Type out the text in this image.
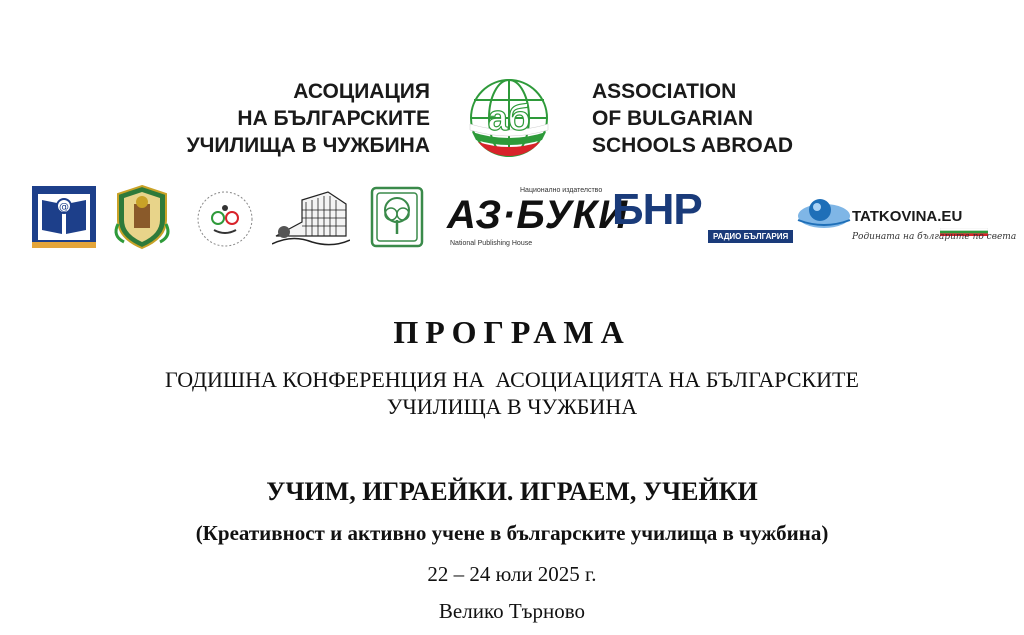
АСОЦИАЦИЯ
НА БЪЛГАРСКИТЕ
УЧИЛИЩА В ЧУЖБИНА
аб
ASSOCIATION
OF BULGARIAN
SCHOOLS ABROAD
@
Национално издателство
АЗ·БУКИ
National Publishing House
БНР
РАДИО БЪЛГАРИЯ
TATKOVINA.EU
Родината на българите по света
ПРОГРАМА
ГОДИШНА КОНФЕРЕНЦИЯ НА  АСОЦИАЦИЯТА НА БЪЛГАРСКИТЕ
УЧИЛИЩА В ЧУЖБИНА
УЧИМ, ИГРАЕЙКИ. ИГРАЕМ, УЧЕЙКИ
(Креативност и активно учене в българските училища в чужбина)
22 – 24 юли 2025 г.
Велико Търново
